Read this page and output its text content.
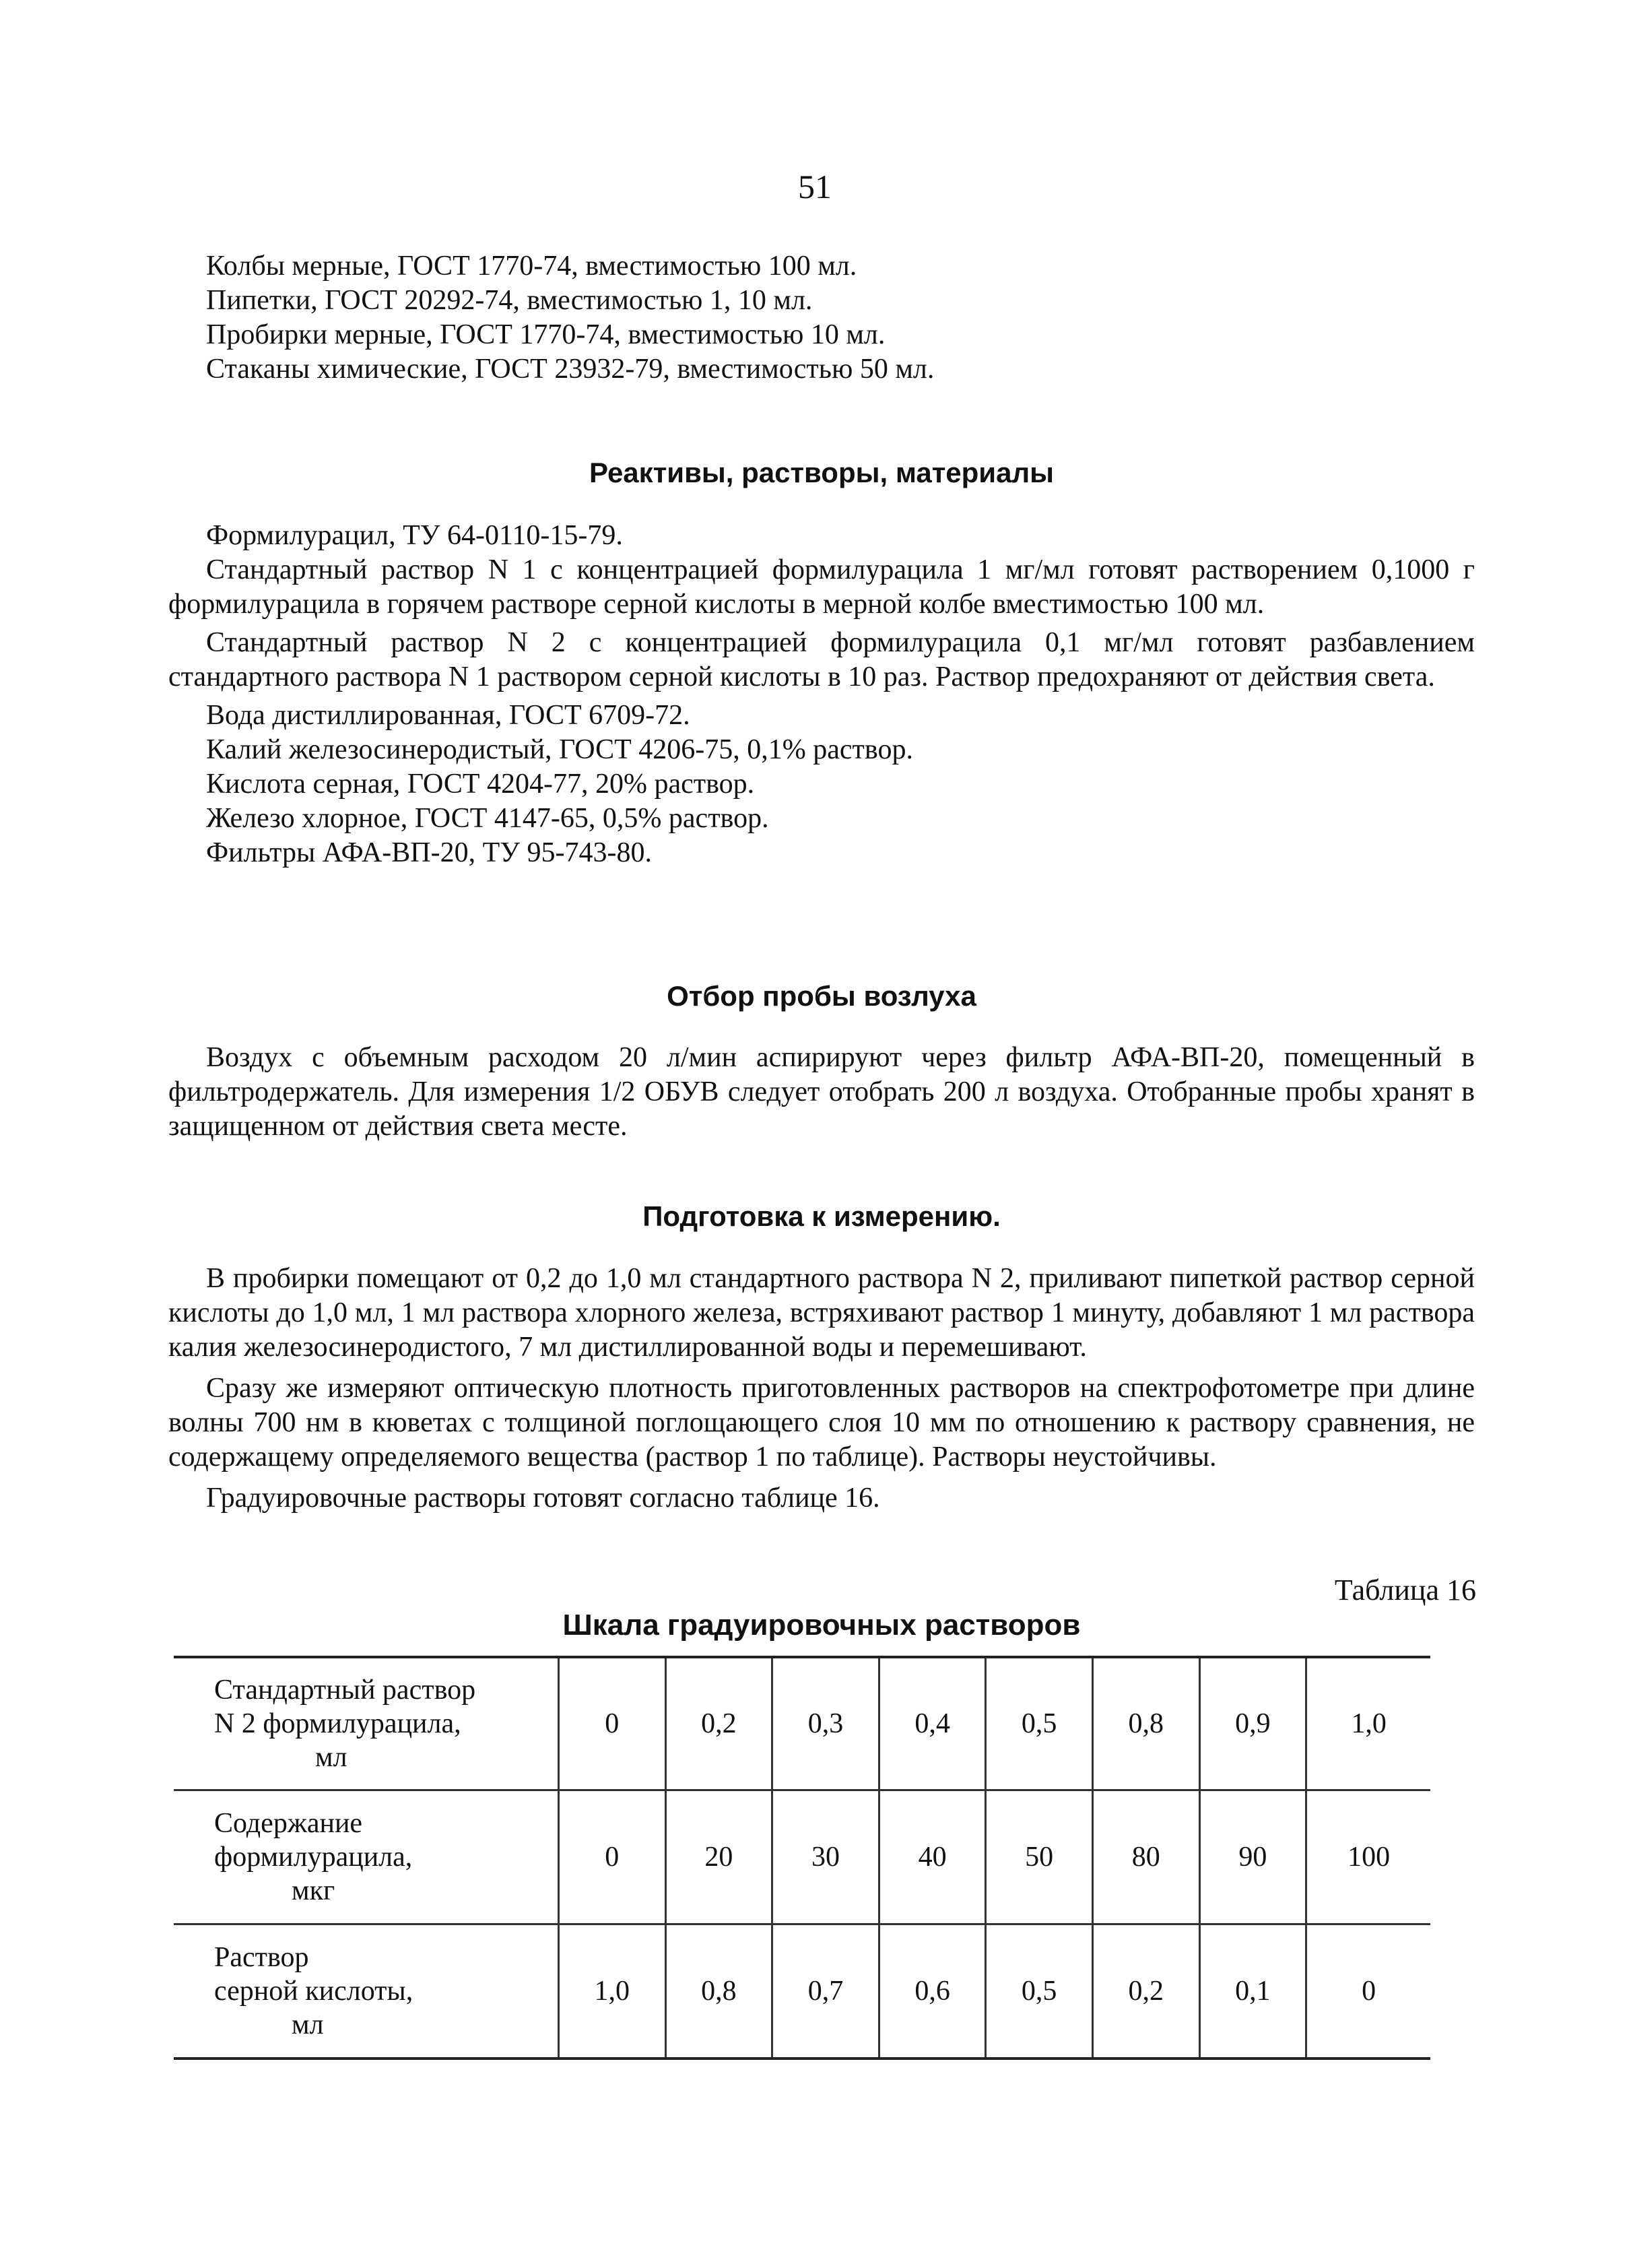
51
Колбы мерные, ГОСТ 1770-74, вместимостью 100 мл.
Пипетки, ГОСТ 20292-74, вместимостью 1, 10 мл.
Пробирки мерные, ГОСТ 1770-74, вместимостью 10 мл.
Стаканы химические, ГОСТ 23932-79, вместимостью 50 мл.
Реактивы, растворы, материалы

Формилурацил, ТУ 64-0110-15-79.

Стандартный раствор N 1 с концентрацией формилурацила 1 мг/мл готовят растворением 0,1000 г формилурацила в горячем растворе серной кислоты в мерной колбе вместимостью 100 мл.

Стандартный раствор N 2 с концентрацией формилурацила 0,1 мг/мл готовят разбавлением стандартного раствора N 1 раствором серной кислоты в 10 раз. Раствор предохраняют от действия света.

Вода дистиллированная, ГОСТ 6709-72.

Калий железосинеродистый, ГОСТ 4206-75, 0,1% раствор.

Кислота серная, ГОСТ 4204-77, 20% раствор.

Железо хлорное, ГОСТ 4147-65, 0,5% раствор.

Фильтры АФА-ВП-20, ТУ 95-743-80.

Отбор пробы возлуха

Воздух с объемным расходом 20 л/мин аспирируют через фильтр АФА-ВП-20, помещенный в фильтродержатель. Для измерения 1/2 ОБУВ следует отобрать 200 л воздуха. Отобранные пробы хранят в защищенном от действия света месте.

Подготовка к измерению.

В пробирки помещают от 0,2 до 1,0 мл стандартного раствора N 2, приливают пипеткой раствор серной кислоты до 1,0 мл, 1 мл раствора хлорного железа, встряхивают раствор 1 минуту, добавляют 1 мл раствора калия железосинеродистого, 7 мл дистиллированной воды и перемешивают.

Сразу же измеряют оптическую плотность приготовленных растворов на спектрофотометре при длине волны 700 нм в кюветах с толщиной поглощающего слоя 10 мм по отношению к раствору сравнения, не содержащему определяемого вещества (раствор 1 по таблице). Растворы неустойчивы.

Градуировочные растворы готовят согласно таблице 16.

Таблица 16
Шкала градуировочных растворов
Стандартный раствор
N 2 формилурацила,
мл	0	0,2	0,3	0,4	0,5	0,8	0,9	1,0

Содержание
формилурацила,
мкг	0	20	30	40	50	80	90	100

Раствор
серной кислоты,
мл	1,0	0,8	0,7	0,6	0,5	0,2	0,1	0
